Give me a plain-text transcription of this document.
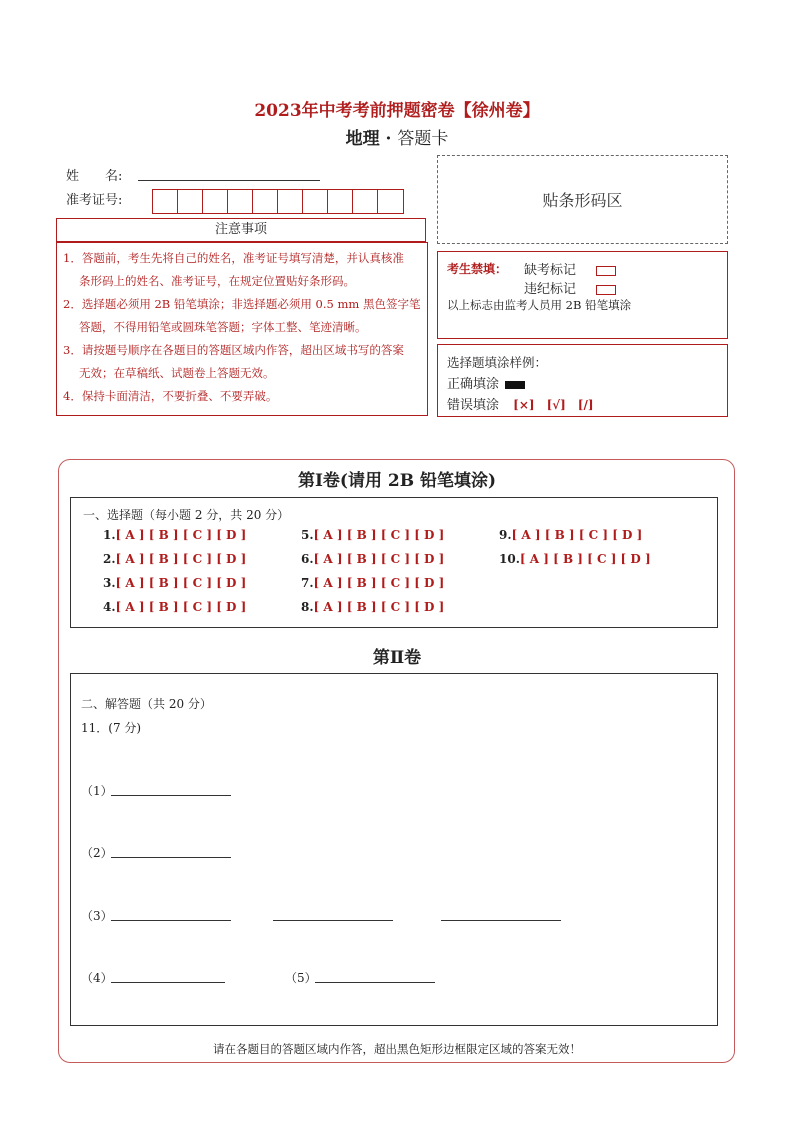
2023年中考考前押题密卷【徐州卷】
地理 · 答题卡
姓　　名:
准考证号:	贴条形码区
注意事项

1．答题前，考生先将自己的姓名，准考证号填写清楚，并认真核准

条形码上的姓名、准考证号，在规定位置贴好条形码。

2．选择题必须用 2B 铅笔填涂；非选择题必须用 0.5 mm 黑色签字笔

答题，不得用铅笔或圆珠笔答题；字体工整、笔迹清晰。

3．请按题号顺序在各题目的答题区域内作答，超出区域书写的答案

无效；在草稿纸、试题卷上答题无效。

4．保持卡面清洁，不要折叠、不要弄破。

考生禁填： 缺考标记
违纪标记
以上标志由监考人员用 2B 铅笔填涂
选择题填涂样例：
正确填涂
错误填涂 [×]　[√]　[/]
第Ⅰ卷(请用 2B 铅笔填涂)
一、选择题（每小题 2 分，共 20 分）
1.[ A ] [ B ] [ C ] [ D ]
2.[ A ] [ B ] [ C ] [ D ]
3.[ A ] [ B ] [ C ] [ D ]
4.[ A ] [ B ] [ C ] [ D ]
5.[ A ] [ B ] [ C ] [ D ]
6.[ A ] [ B ] [ C ] [ D ]
7.[ A ] [ B ] [ C ] [ D ]
8.[ A ] [ B ] [ C ] [ D ]
9.[ A ] [ B ] [ C ] [ D ]
10.[ A ] [ B ] [ C ] [ D ]
第Ⅱ卷
二、解答题（共 20 分）
11．(7 分)
（1）
（2）
（3）
（4）	（5）
请在各题目的答题区域内作答，超出黑色矩形边框限定区域的答案无效！
